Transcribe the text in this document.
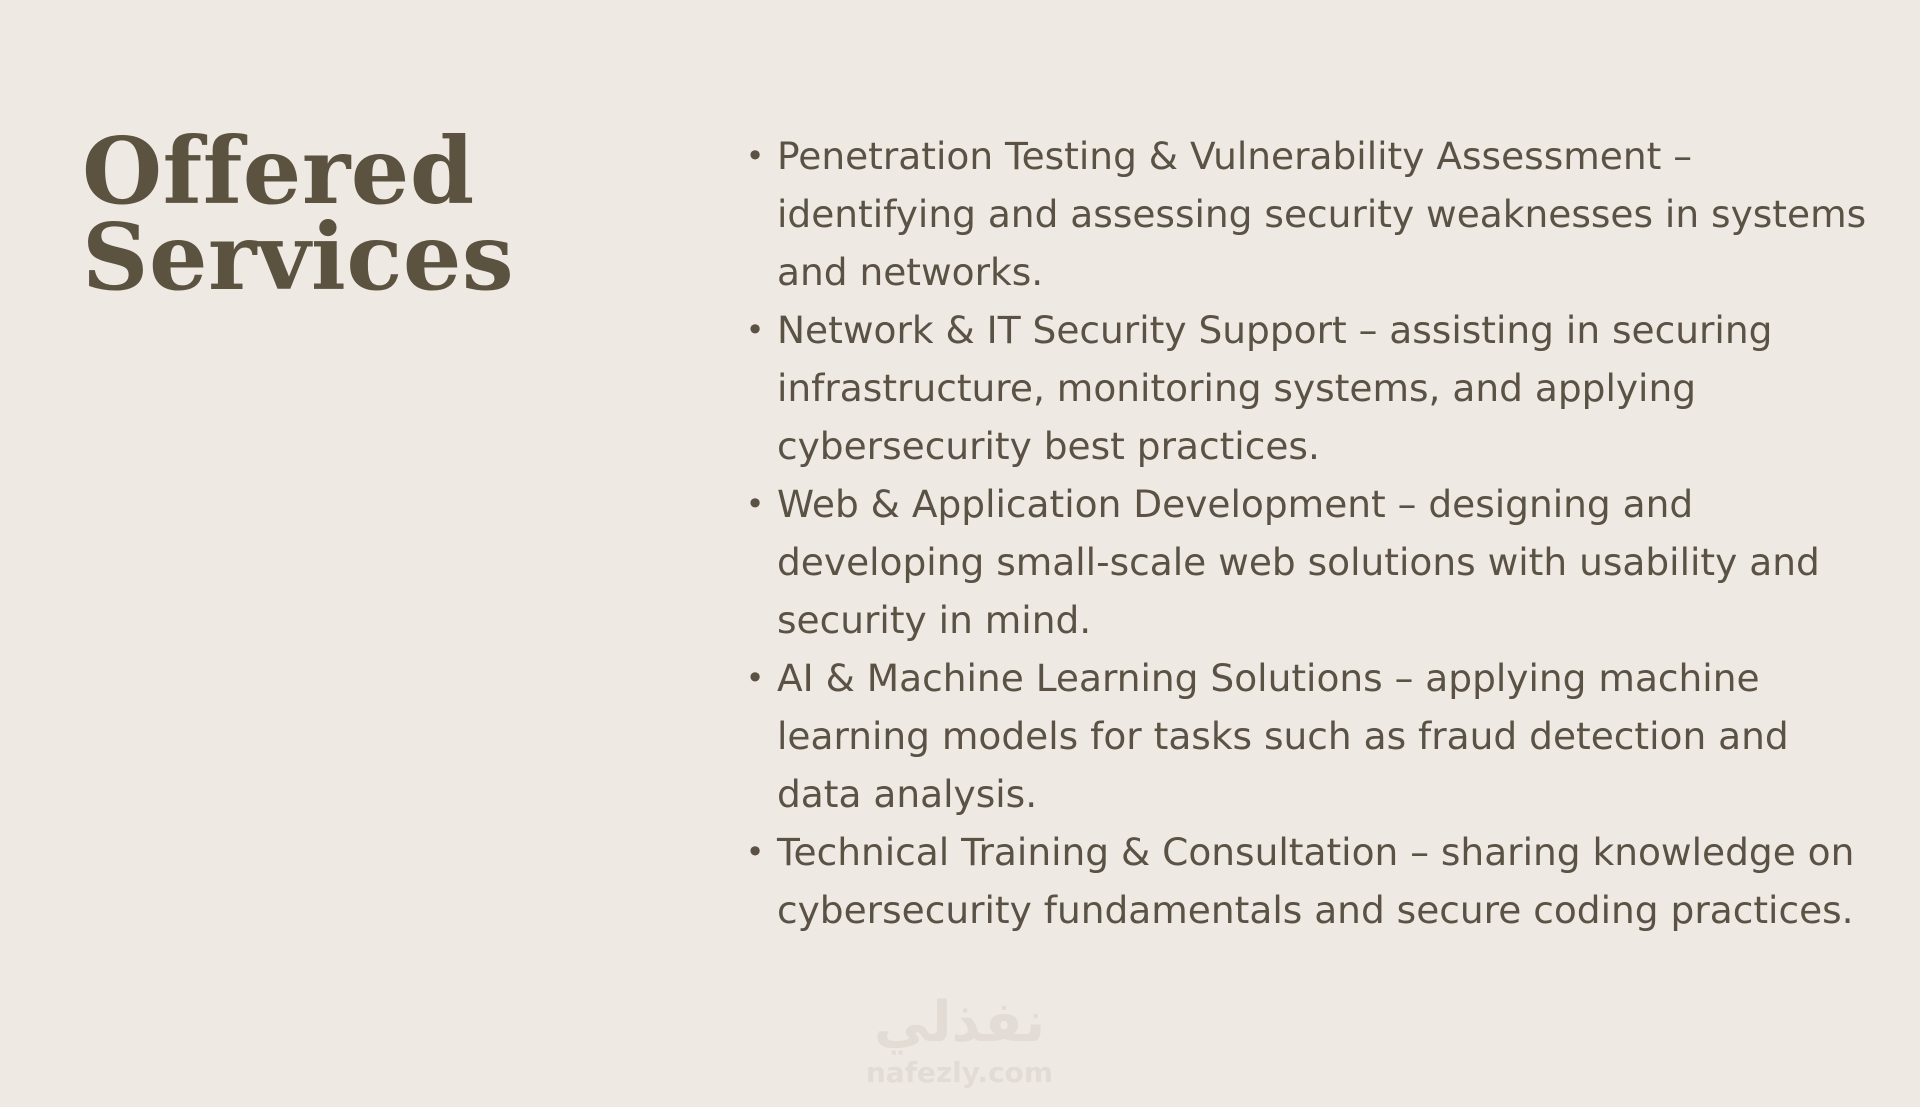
Offered
Services
• Penetration Testing & Vulnerability Assessment – identifying and assessing security weaknesses in systems and networks.
• Network & IT Security Support – assisting in securing infrastructure, monitoring systems, and applying cybersecurity best practices.
• Web & Application Development – designing and developing small-scale web solutions with usability and security in mind.
• AI & Machine Learning Solutions – applying machine learning models for tasks such as fraud detection and data analysis.
• Technical Training & Consultation – sharing knowledge on cybersecurity fundamentals and secure coding practices.
نفذلي
nafezly.com
